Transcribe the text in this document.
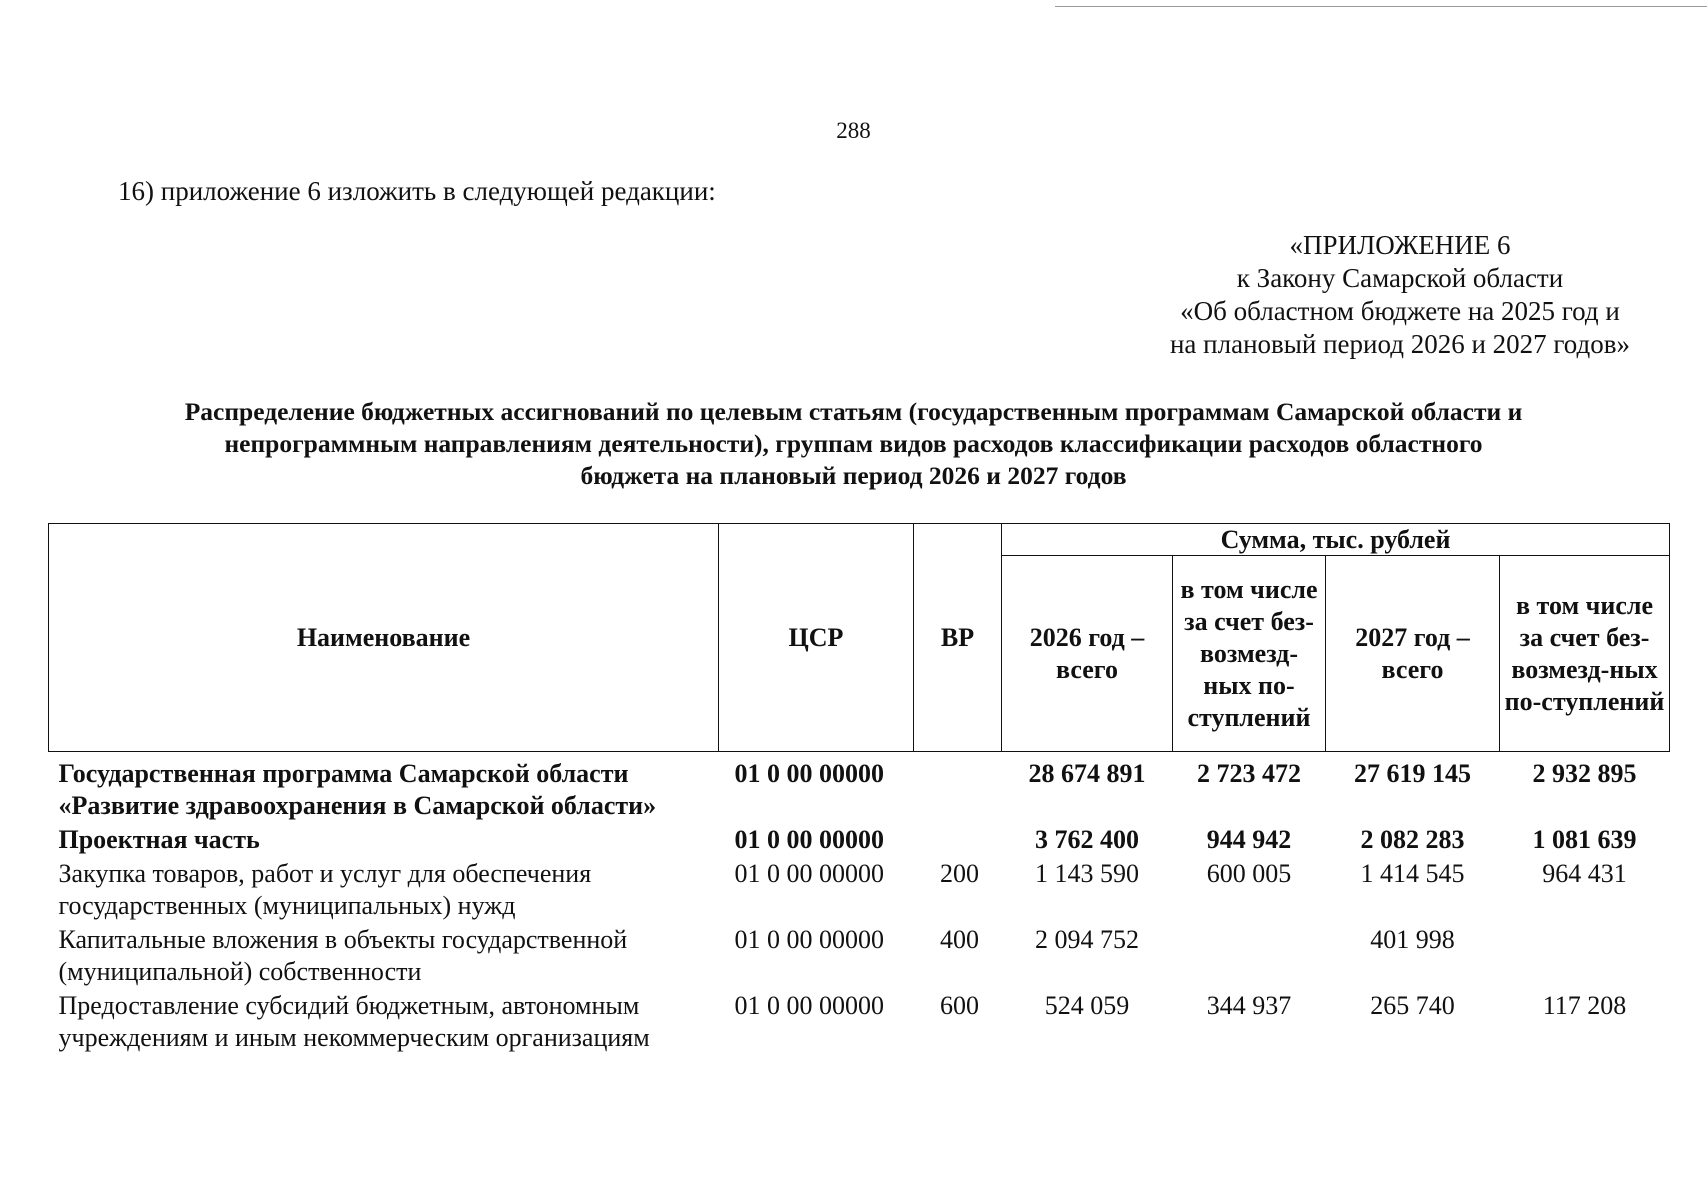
288
16) приложение 6 изложить в следующей редакции:
«ПРИЛОЖЕНИЕ 6
к Закону Самарской области
«Об областном бюджете на 2025 год и
на плановый период 2026 и 2027 годов»
Распределение бюджетных ассигнований по целевым статьям (государственным программам Самарской области и
непрограммным направлениям деятельности), группам видов расходов классификации расходов областного
бюджета на плановый период 2026 и 2027 годов
Наименование	ЦСР	ВР	Сумма, тыс. рублей			
			2026 год – всего	в том числе за счет без-возмезд-ных по-ступлений	2027 год – всего	в том числе за счет без-возмезд-ных по-ступлений
Государственная программа Самарской области «Развитие здравоохранения в Самарской области»	01 0 00 00000		28 674 891	2 723 472	27 619 145	2 932 895
Проектная часть	01 0 00 00000		3 762 400	944 942	2 082 283	1 081 639
Закупка товаров, работ и услуг для обеспечения государственных (муниципальных) нужд	01 0 00 00000	200	1 143 590	600 005	1 414 545	964 431
Капитальные вложения в объекты государственной (муниципальной) собственности	01 0 00 00000	400	2 094 752		401 998	
Предоставление субсидий бюджетным, автономным учреждениям и иным некоммерческим организациям	01 0 00 00000	600	524 059	344 937	265 740	117 208
